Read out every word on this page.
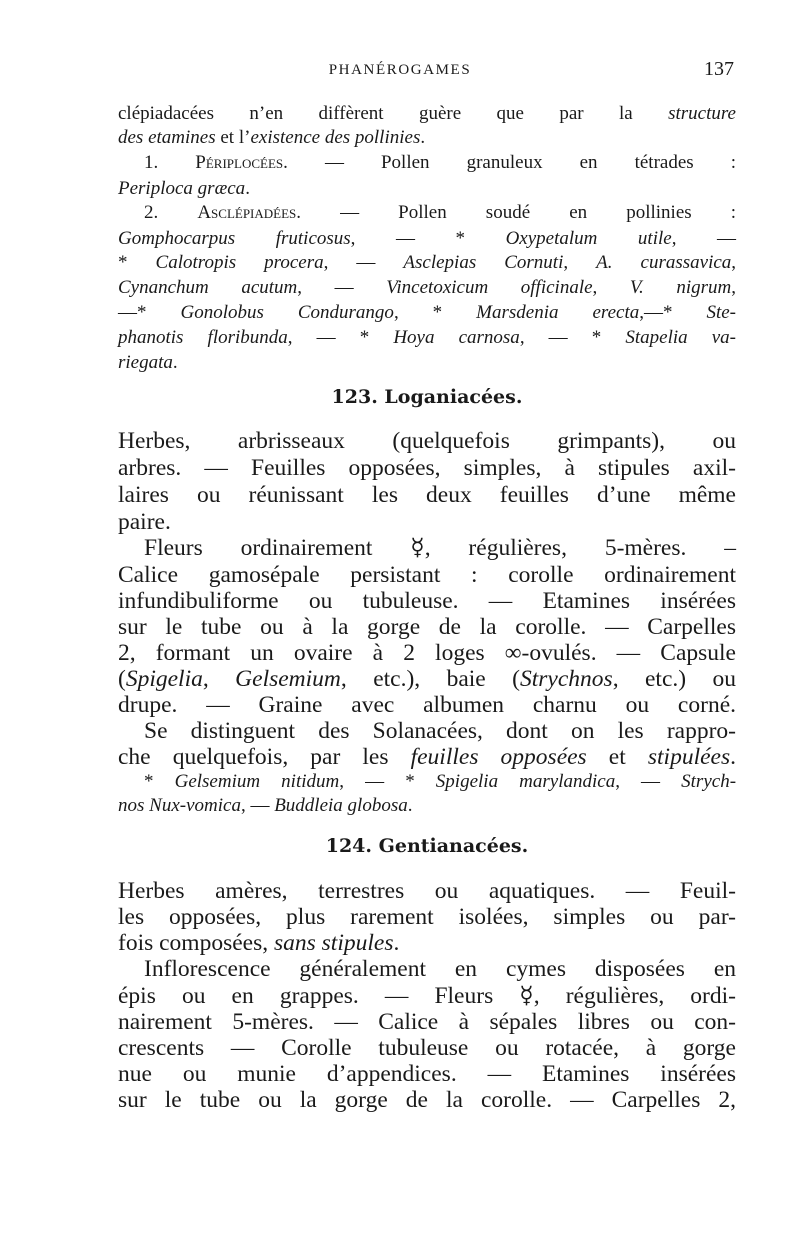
PHANÉROGAMES	137
clépiadacées n’en diffèrent guère que par la structure
des etamines et l’existence des pollinies.
1. Périplocées. — Pollen granuleux en tétrades :
Periploca græca.
2. Asclépiadées. — Pollen soudé en pollinies :
Gomphocarpus fruticosus, — * Oxypetalum utile, —
* Calotropis procera, — Asclepias Cornuti, A. curassavica,
Cynanchum acutum, — Vincetoxicum officinale, V. nigrum,
—* Gonolobus Condurango, * Marsdenia erecta,—* Ste-
phanotis floribunda, — * Hoya carnosa, — * Stapelia va-
riegata.
123. Loganiacées.
Herbes, arbrisseaux (quelquefois grimpants), ou
arbres. — Feuilles opposées, simples, à stipules axil-
laires ou réunissant les deux feuilles d’une même
paire.
Fleurs ordinairement ☿, régulières, 5-mères. –
Calice gamosépale persistant : corolle ordinairement
infundibuliforme ou tubuleuse. — Etamines insérées
sur le tube ou à la gorge de la corolle. — Carpelles
2, formant un ovaire à 2 loges ∞-ovulés. — Capsule
(Spigelia, Gelsemium, etc.), baie (Strychnos, etc.) ou
drupe. — Graine avec albumen charnu ou corné.
Se distinguent des Solanacées, dont on les rappro-
che quelquefois, par les feuilles opposées et stipulées.
* Gelsemium nitidum, — * Spigelia marylandica, — Strych-
nos Nux-vomica, — Buddleia globosa.
124. Gentianacées.
Herbes amères, terrestres ou aquatiques. — Feuil-
les opposées, plus rarement isolées, simples ou par-
fois composées, sans stipules.
Inflorescence généralement en cymes disposées en
épis ou en grappes. — Fleurs ☿, régulières, ordi-
nairement 5-mères. — Calice à sépales libres ou con-
crescents — Corolle tubuleuse ou rotacée, à gorge
nue ou munie d’appendices. — Etamines insérées
sur le tube ou la gorge de la corolle. — Carpelles 2,
